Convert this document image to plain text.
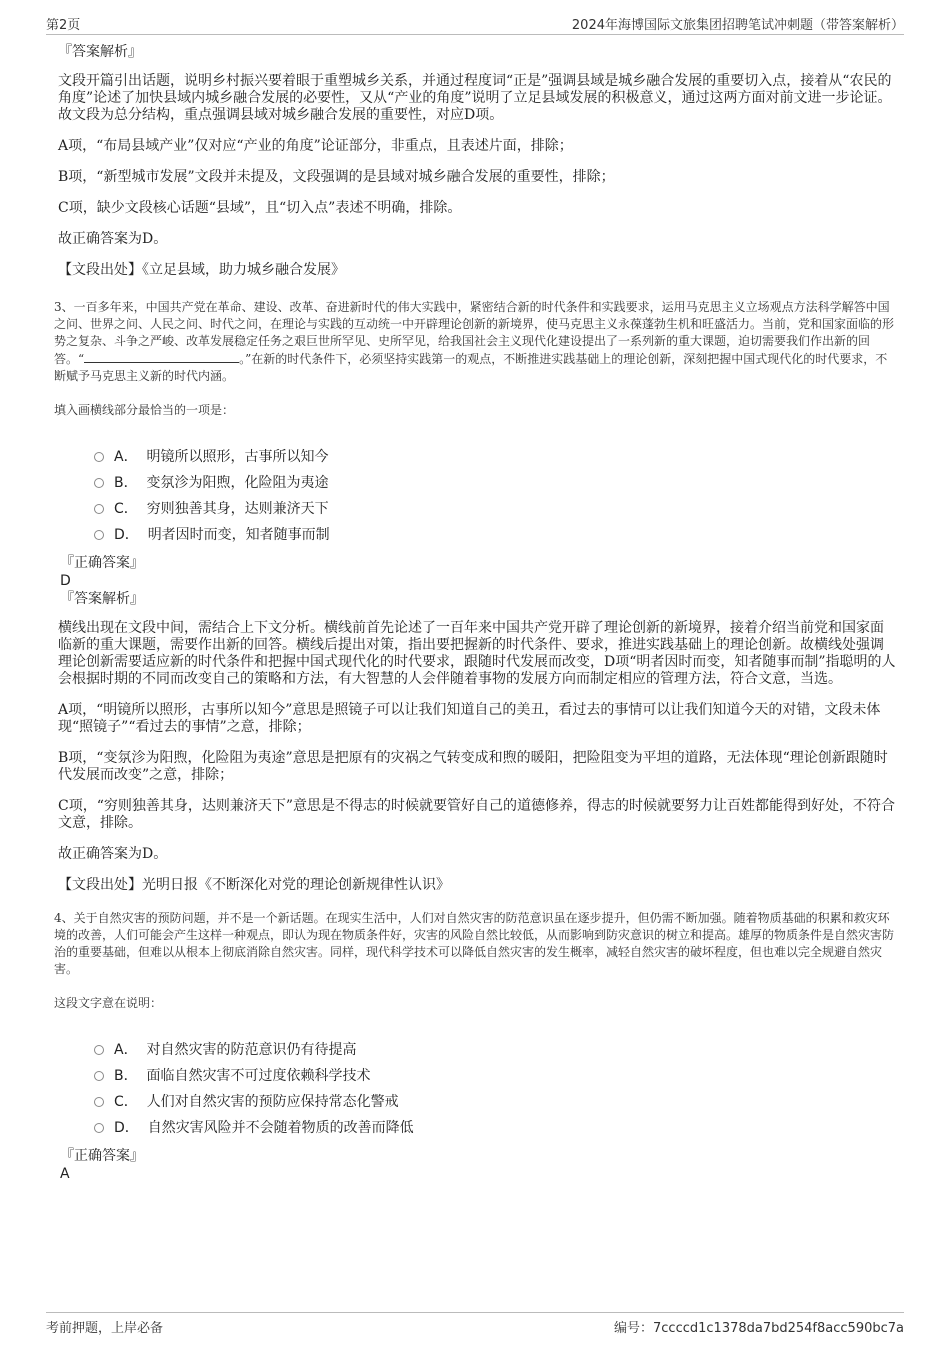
第2页	2024年海博国际文旅集团招聘笔试冲刺题（带答案解析）
『答案解析』

文段开篇引出话题，说明乡村振兴要着眼于重塑城乡关系，并通过程度词“正是”强调县域是城乡融合发展的重要切入点，接着从“农民的角度”论述了加快县域内城乡融合发展的必要性，又从“产业的角度”说明了立足县域发展的积极意义，通过这两方面对前文进一步论证。故文段为总分结构，重点强调县域对城乡融合发展的重要性，对应D项。

A项，“布局县域产业”仅对应“产业的角度”论证部分，非重点，且表述片面，排除；

B项，“新型城市发展”文段并未提及，文段强调的是县域对城乡融合发展的重要性，排除；

C项，缺少文段核心话题“县域”，且“切入点”表述不明确，排除。

故正确答案为D。

【文段出处】《立足县域，助力城乡融合发展》

3、一百多年来，中国共产党在革命、建设、改革、奋进新时代的伟大实践中，紧密结合新的时代条件和实践要求，运用马克思主义立场观点方法科学解答中国之问、世界之问、人民之问、时代之问，在理论与实践的互动统一中开辟理论创新的新境界，使马克思主义永葆蓬勃生机和旺盛活力。当前，党和国家面临的形势之复杂、斗争之严峻、改革发展稳定任务之艰巨世所罕见、史所罕见，给我国社会主义现代化建设提出了一系列新的重大课题，迫切需要我们作出新的回答。“	。”在新的时代条件下，必须坚持实践第一的观点，不断推进实践基础上的理论创新，深刻把握中国式现代化的时代要求，不断赋予马克思主义新的时代内涵。

填入画横线部分最恰当的一项是：

A．
明镜所以照形，古事所以知今
B．
变氛沴为阳煦，化险阻为夷途
C．
穷则独善其身，达则兼济天下
D．
明者因时而变，知者随事而制
『正确答案』
D
『答案解析』

横线出现在文段中间，需结合上下文分析。横线前首先论述了一百年来中国共产党开辟了理论创新的新境界，接着介绍当前党和国家面临新的重大课题，需要作出新的回答。横线后提出对策，指出要把握新的时代条件、要求，推进实践基础上的理论创新。故横线处强调理论创新需要适应新的时代条件和把握中国式现代化的时代要求，跟随时代发展而改变，D项“明者因时而变，知者随事而制”指聪明的人会根据时期的不同而改变自己的策略和方法，有大智慧的人会伴随着事物的发展方向而制定相应的管理方法，符合文意，当选。

A项，“明镜所以照形，古事所以知今”意思是照镜子可以让我们知道自己的美丑，看过去的事情可以让我们知道今天的对错，文段未体现“照镜子”“看过去的事情”之意，排除；

B项，“变氛沴为阳煦，化险阻为夷途”意思是把原有的灾祸之气转变成和煦的暖阳，把险阻变为平坦的道路，无法体现“理论创新跟随时代发展而改变”之意，排除；

C项，“穷则独善其身，达则兼济天下”意思是不得志的时候就要管好自己的道德修养，得志的时候就要努力让百姓都能得到好处，不符合文意，排除。

故正确答案为D。

【文段出处】光明日报《不断深化对党的理论创新规律性认识》

4、关于自然灾害的预防问题，并不是一个新话题。在现实生活中，人们对自然灾害的防范意识虽在逐步提升，但仍需不断加强。随着物质基础的积累和救灾环境的改善，人们可能会产生这样一种观点，即认为现在物质条件好，灾害的风险自然比较低，从而影响到防灾意识的树立和提高。雄厚的物质条件是自然灾害防治的重要基础，但难以从根本上彻底消除自然灾害。同样，现代科学技术可以降低自然灾害的发生概率，减轻自然灾害的破坏程度，但也难以完全规避自然灾害。

这段文字意在说明：

A．
对自然灾害的防范意识仍有待提高
B．
面临自然灾害不可过度依赖科学技术
C．
人们对自然灾害的预防应保持常态化警戒
D．
自然灾害风险并不会随着物质的改善而降低
『正确答案』
A
考前押题，上岸必备	编号：7ccccd1c1378da7bd254f8acc590bc7a
